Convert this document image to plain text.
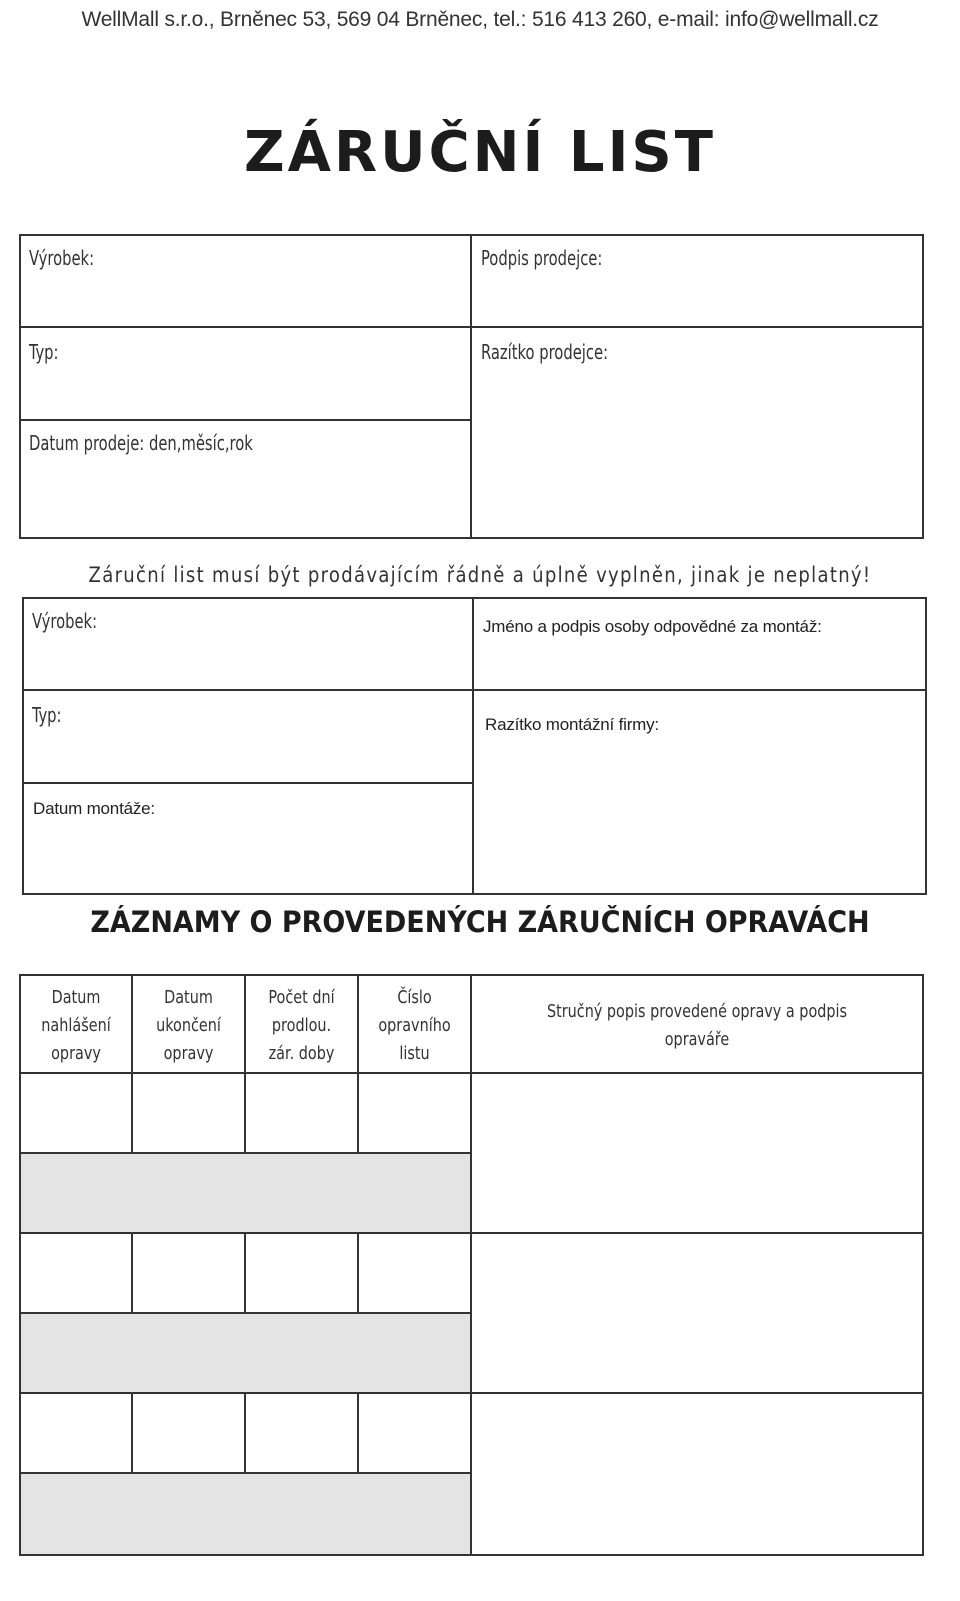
WellMall s.r.o., Brněnec 53, 569 04 Brněnec, tel.: 516 413 260, e-mail: info@wellmall.cz
ZÁRUČNÍ LIST
Výrobek:
Typ:
Datum prodeje: den,měsíc,rok
Podpis prodejce:
Razítko prodejce:
Záruční list musí být prodávajícím řádně a úplně vyplněn, jinak je neplatný!
Výrobek:
Typ:
Datum montáže:
Jméno a podpis osoby odpovědné za montáž:
Razítko montážní firmy:
ZÁZNAMY O PROVEDENÝCH ZÁRUČNÍCH OPRAVÁCH
Datum
nahlášení
opravy
Datum
ukončení
opravy
Počet dní
prodlou.
zár. doby
Číslo
opravního
listu
Stručný popis provedené opravy a podpis
opraváře
